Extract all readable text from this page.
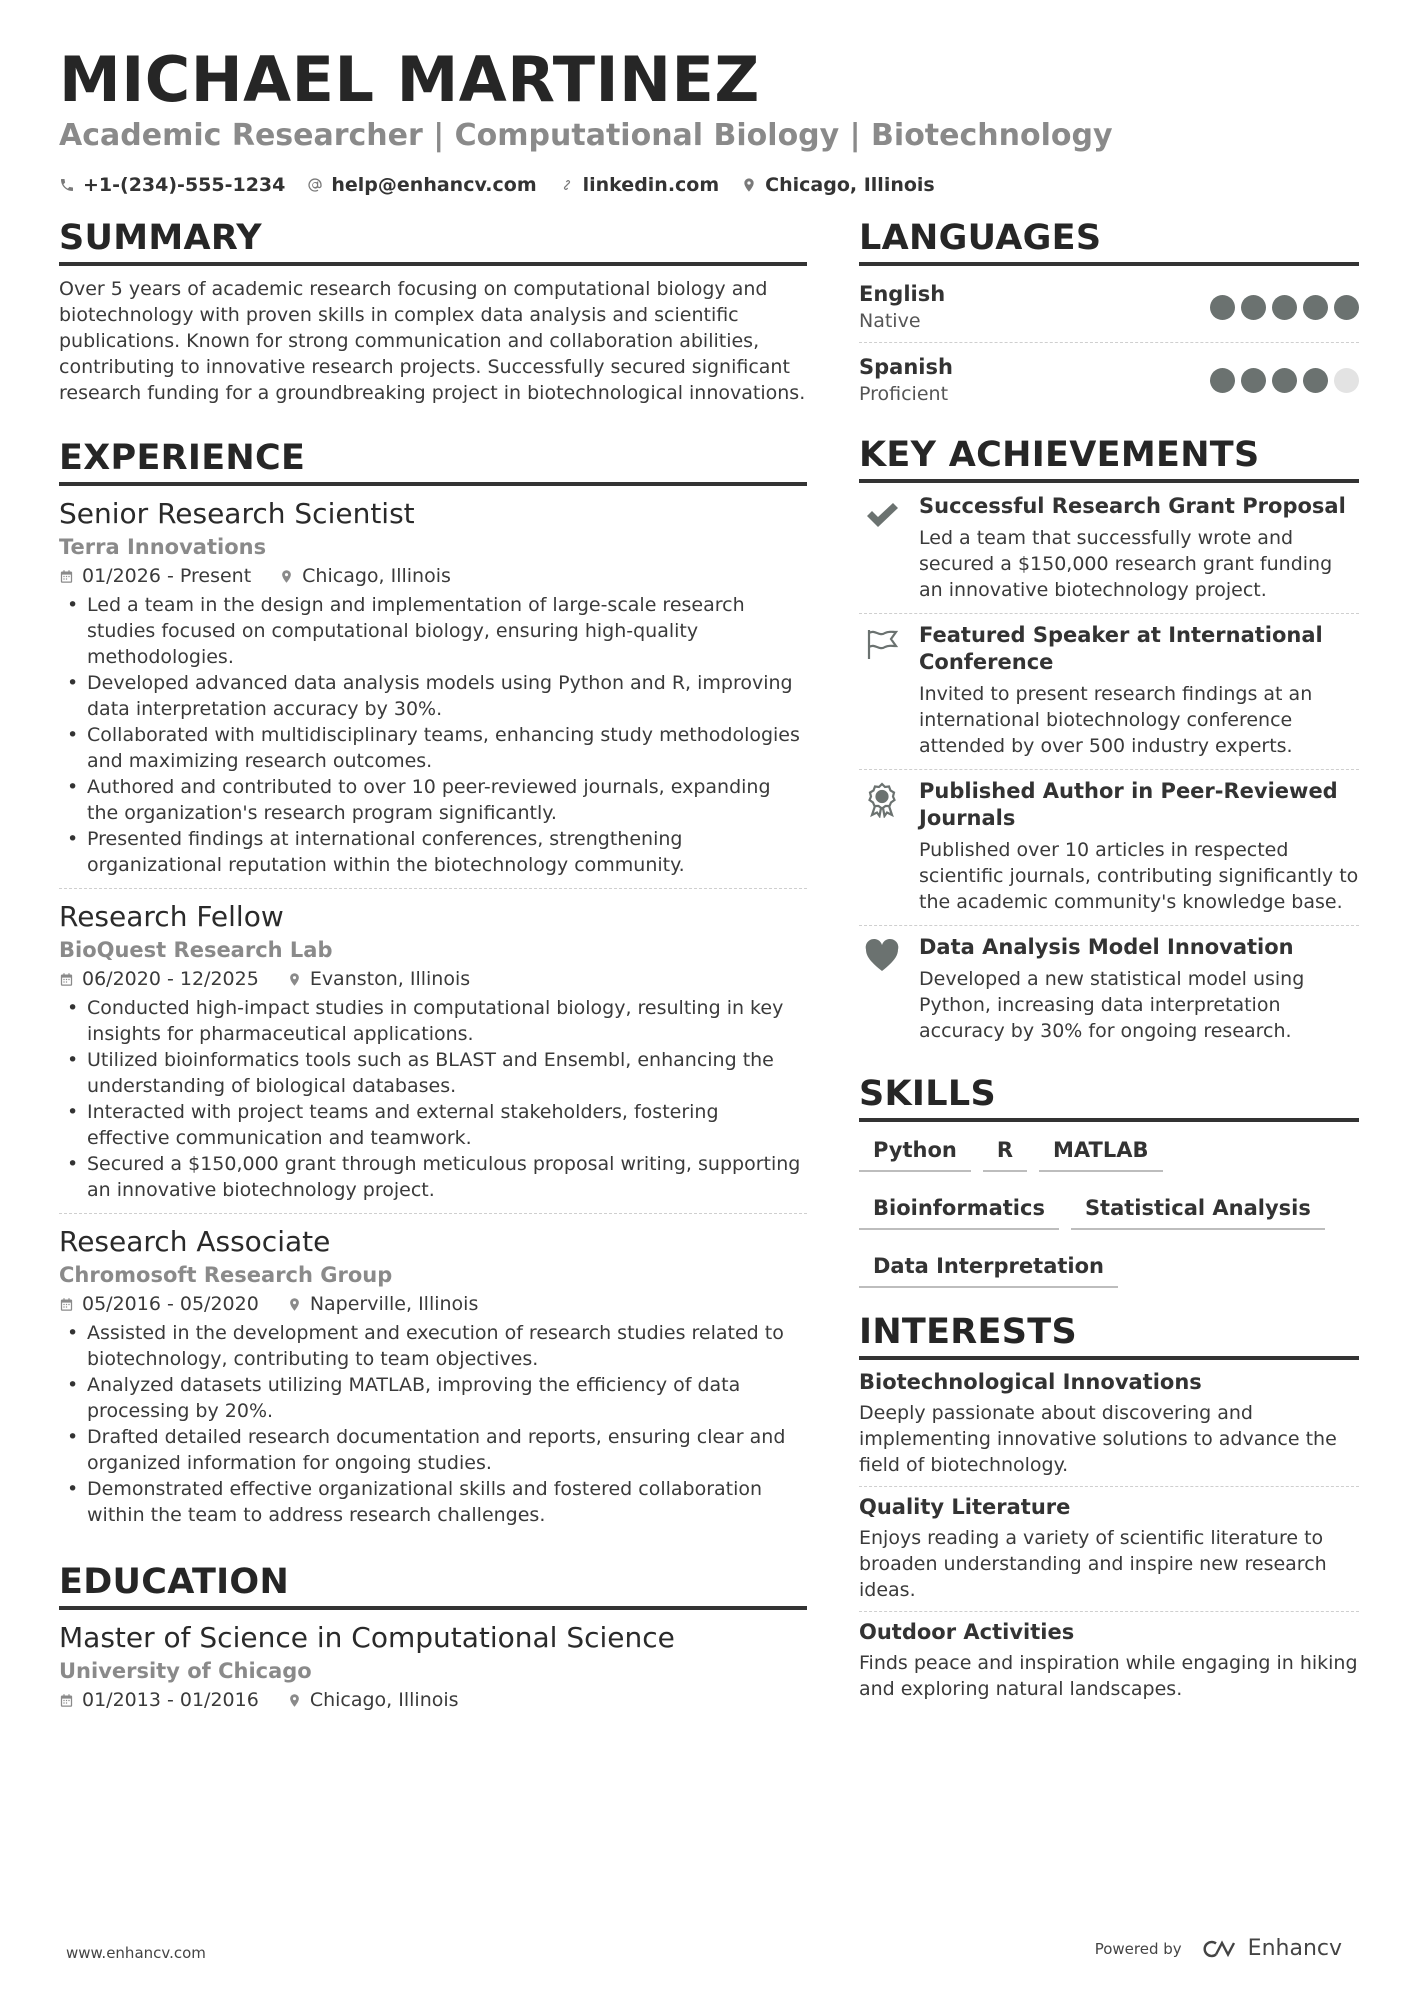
MICHAEL MARTINEZ
Academic Researcher | Computational Biology | Biotechnology
+1-(234)-555-1234 help@enhancv.com linkedin.com Chicago, Illinois
SUMMARY

Over 5 years of academic research focusing on computational biology and biotechnology with proven skills in complex data analysis and scientific publications. Known for strong communication and collaboration abilities, contributing to innovative research projects. Successfully secured significant research funding for a groundbreaking project in biotechnological innovations.

EXPERIENCE
Senior Research Scientist
Terra Innovations
01/2026 - Present	Chicago, Illinois
• Led a team in the design and implementation of large-scale research studies focused on computational biology, ensuring high-quality methodologies.
• Developed advanced data analysis models using Python and R, improving data interpretation accuracy by 30%.
• Collaborated with multidisciplinary teams, enhancing study methodologies and maximizing research outcomes.
• Authored and contributed to over 10 peer-reviewed journals, expanding the organization's research program significantly.
• Presented findings at international conferences, strengthening organizational reputation within the biotechnology community.
Research Fellow
BioQuest Research Lab
06/2020 - 12/2025	Evanston, Illinois
• Conducted high-impact studies in computational biology, resulting in key insights for pharmaceutical applications.
• Utilized bioinformatics tools such as BLAST and Ensembl, enhancing the understanding of biological databases.
• Interacted with project teams and external stakeholders, fostering effective communication and teamwork.
• Secured a $150,000 grant through meticulous proposal writing, supporting an innovative biotechnology project.
Research Associate
Chromosoft Research Group
05/2016 - 05/2020	Naperville, Illinois
• Assisted in the development and execution of research studies related to biotechnology, contributing to team objectives.
• Analyzed datasets utilizing MATLAB, improving the efficiency of data processing by 20%.
• Drafted detailed research documentation and reports, ensuring clear and organized information for ongoing studies.
• Demonstrated effective organizational skills and fostered collaboration within the team to address research challenges.
EDUCATION
Master of Science in Computational Science
University of Chicago
01/2013 - 01/2016	Chicago, Illinois
LANGUAGES
English
Native
Spanish
Proficient
KEY ACHIEVEMENTS
Successful Research Grant Proposal
Led a team that successfully wrote and secured a $150,000 research grant funding an innovative biotechnology project.
Featured Speaker at International Conference
Invited to present research findings at an international biotechnology conference attended by over 500 industry experts.
Published Author in Peer-Reviewed Journals
Published over 10 articles in respected scientific journals, contributing significantly to the academic community's knowledge base.
Data Analysis Model Innovation
Developed a new statistical model using Python, increasing data interpretation accuracy by 30% for ongoing research.
SKILLS
Python	R	MATLAB
Bioinformatics	Statistical Analysis
Data Interpretation
INTERESTS
Biotechnological Innovations
Deeply passionate about discovering and implementing innovative solutions to advance the field of biotechnology.
Quality Literature
Enjoys reading a variety of scientific literature to broaden understanding and inspire new research ideas.
Outdoor Activities
Finds peace and inspiration while engaging in hiking and exploring natural landscapes.
www.enhancv.com	Powered by	Enhancv
